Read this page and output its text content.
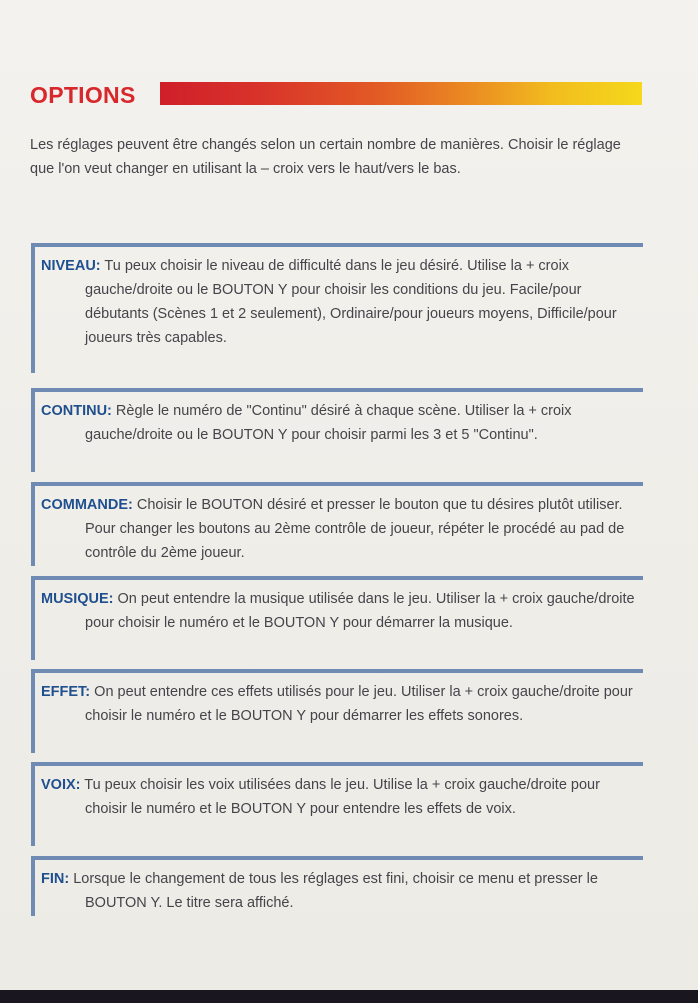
OPTIONS
Les réglages peuvent être changés selon un certain nombre de manières. Choisir le réglage que l'on veut changer en utilisant la – croix vers le haut/vers le bas.
NIVEAU: Tu peux choisir le niveau de difficulté dans le jeu désiré. Utilise la + croix gauche/droite ou le BOUTON Y pour choisir les conditions du jeu. Facile/pour débutants (Scènes 1 et 2 seulement), Ordinaire/pour joueurs moyens, Difficile/pour joueurs très capables.
CONTINU: Règle le numéro de "Continu" désiré à chaque scène. Utiliser la + croix gauche/droite ou le BOUTON Y pour choisir parmi les 3 et 5 "Continu".
COMMANDE: Choisir le BOUTON désiré et presser le bouton que tu désires plutôt utiliser. Pour changer les boutons au 2ème contrôle de joueur, répéter le procédé au pad de contrôle du 2ème joueur.
MUSIQUE: On peut entendre la musique utilisée dans le jeu. Utiliser la + croix gauche/droite pour choisir le numéro et le BOUTON Y pour démarrer la musique.
EFFET: On peut entendre ces effets utilisés pour le jeu. Utiliser la + croix gauche/droite pour choisir le numéro et le BOUTON Y pour démarrer les effets sonores.
VOIX: Tu peux choisir les voix utilisées dans le jeu. Utilise la + croix gauche/droite pour choisir le numéro et le BOUTON Y pour entendre les effets de voix.
FIN: Lorsque le changement de tous les réglages est fini, choisir ce menu et presser le BOUTON Y. Le titre sera affiché.
